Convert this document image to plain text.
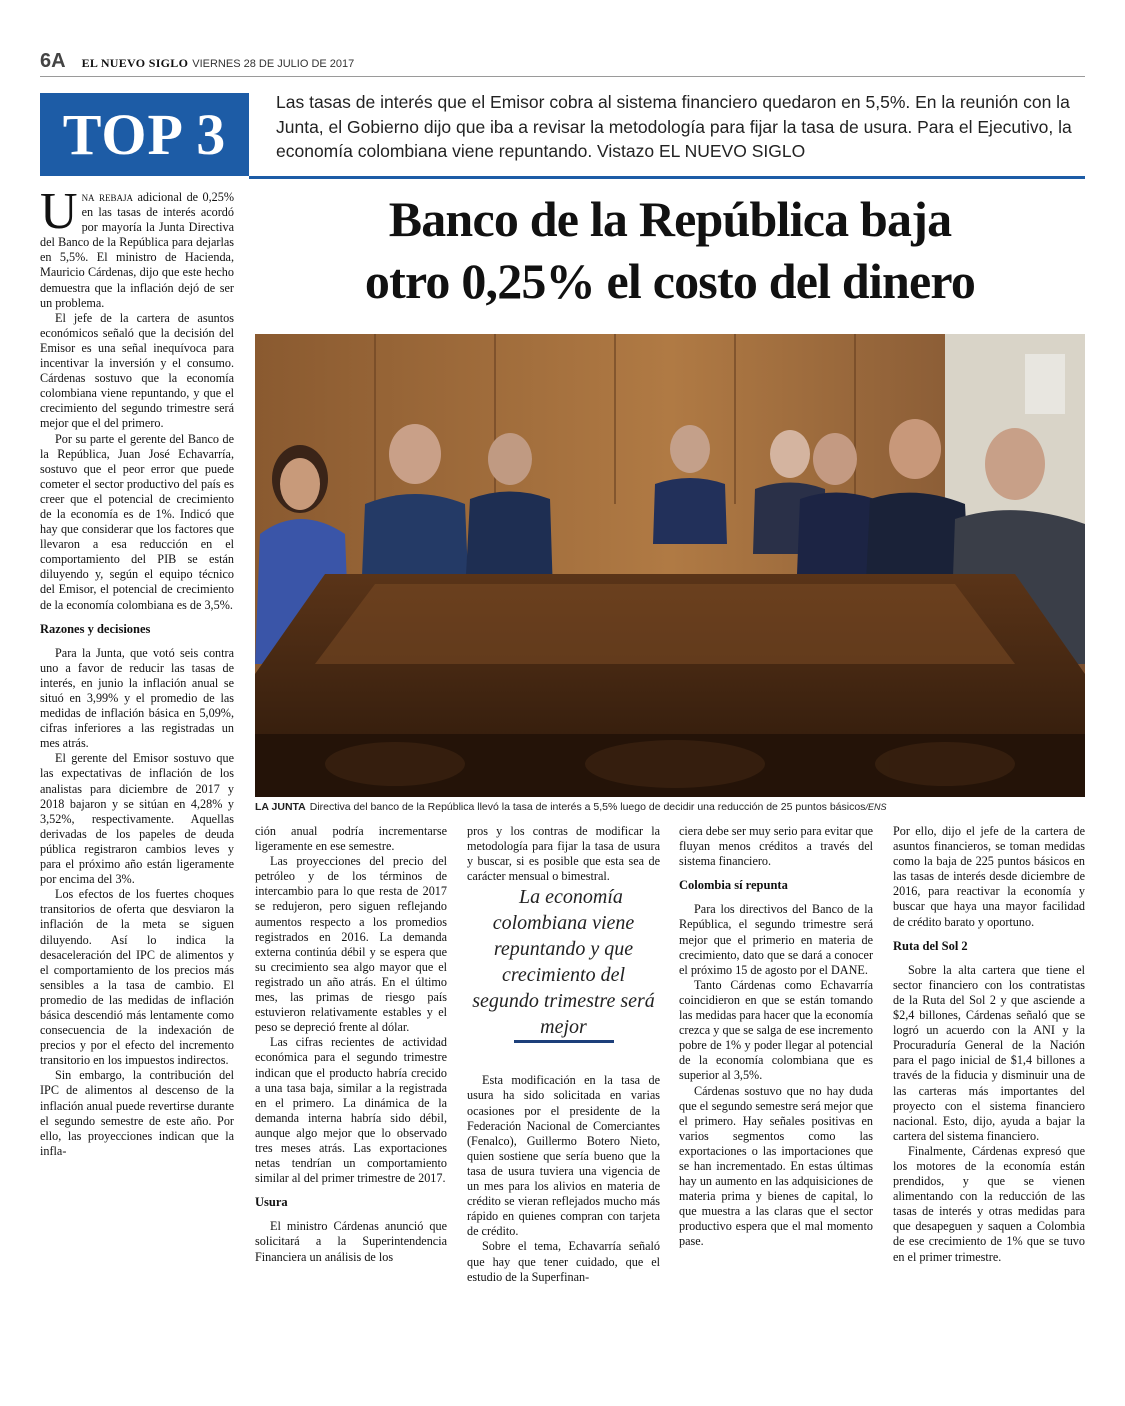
6A EL NUEVO SIGLO VIERNES 28 DE JULIO DE 2017
TOP 3	Las tasas de interés que el Emisor cobra al sistema financiero quedaron en 5,5%. En la reunión con la Junta, el Gobierno dijo que iba a revisar la metodología para fijar la tasa de usura. Para el Ejecutivo, la economía colombiana viene repuntando. Vistazo EL NUEVO SIGLO
Banco de la República baja
otro 0,25% el costo del dinero
LA JUNTA Directiva del banco de la República llevó la tasa de interés a 5,5% luego de decidir una reducción de 25 puntos básicos/ENS

Una rebaja adicional de 0,25% en las tasas de interés acordó por mayoría la Junta Directiva del Banco de la República para dejarlas en 5,5%. El ministro de Hacienda, Mauricio Cárdenas, dijo que este hecho demuestra que la inflación dejó de ser un problema.

El jefe de la cartera de asuntos económicos señaló que la decisión del Emisor es una señal inequívoca para incentivar la inversión y el consumo. Cárdenas sostuvo que la economía colombiana viene repuntando, y que el crecimiento del segundo trimestre será mejor que el del primero.

Por su parte el gerente del Banco de la República, Juan José Echavarría, sostuvo que el peor error que puede cometer el sector productivo del país es creer que el potencial de crecimiento de la economía es de 1%. Indicó que hay que considerar que los factores que llevaron a esa reducción en el comportamiento del PIB se están diluyendo y, según el equipo técnico del Emisor, el potencial de crecimiento de la economía colombiana es de 3,5%.

Razones y decisiones

Para la Junta, que votó seis contra uno a favor de reducir las tasas de interés, en junio la inflación anual se situó en 3,99% y el promedio de las medidas de inflación básica en 5,09%, cifras inferiores a las registradas un mes atrás.

El gerente del Emisor sostuvo que las expectativas de inflación de los analistas para diciembre de 2017 y 2018 bajaron y se sitúan en 4,28% y 3,52%, respectivamente. Aquellas derivadas de los papeles de deuda pública registraron cambios leves y para el próximo año están ligeramente por encima del 3%.

Los efectos de los fuertes choques transitorios de oferta que desviaron la inflación de la meta se siguen diluyendo. Así lo indica la desaceleración del IPC de alimentos y el comportamiento de los precios más sensibles a la tasa de cambio. El promedio de las medidas de inflación básica descendió más lentamente como consecuencia de la indexación de precios y por el efecto del incremento transitorio en los impuestos indirectos.

Sin embargo, la contribución del IPC de alimentos al descenso de la inflación anual puede revertirse durante el segundo semestre de este año. Por ello, las proyecciones indican que la infla-

ción anual podría incrementarse ligeramente en ese semestre.

Las proyecciones del precio del petróleo y de los términos de intercambio para lo que resta de 2017 se redujeron, pero siguen reflejando aumentos respecto a los promedios registrados en 2016. La demanda externa continúa débil y se espera que su crecimiento sea algo mayor que el registrado un año atrás. En el último mes, las primas de riesgo país estuvieron relativamente estables y el peso se depreció frente al dólar.

Las cifras recientes de actividad económica para el segundo trimestre indican que el producto habría crecido a una tasa baja, similar a la registrada en el primero. La dinámica de la demanda interna habría sido débil, aunque algo mejor que lo observado tres meses atrás. Las exportaciones netas tendrían un comportamiento similar al del primer trimestre de 2017.

Usura

El ministro Cárdenas anunció que solicitará a la Superintendencia Financiera un análisis de los

pros y los contras de modificar la metodología para fijar la tasa de usura y buscar, si es posible que esta sea de carácter mensual o bimestral.

La economía colombiana viene repuntando y que crecimiento del segundo trimestre será mejor

Esta modificación en la tasa de usura ha sido solicitada en varias ocasiones por el presidente de la Federación Nacional de Comerciantes (Fenalco), Guillermo Botero Nieto, quien sostiene que sería bueno que la tasa de usura tuviera una vigencia de un mes para los alivios en materia de crédito se vieran reflejados mucho más rápido en quienes compran con tarjeta de crédito.

Sobre el tema, Echavarría señaló que hay que tener cuidado, que el estudio de la Superfinan-

ciera debe ser muy serio para evitar que fluyan menos créditos a través del sistema financiero.

Colombia sí repunta

Para los directivos del Banco de la República, el segundo trimestre será mejor que el primerio en materia de crecimiento, dato que se dará a conocer el próximo 15 de agosto por el DANE.

Tanto Cárdenas como Echavarría coincidieron en que se están tomando las medidas para hacer que la economía crezca y que se salga de ese incremento pobre de 1% y poder llegar al potencial de la economía colombiana que es superior al 3,5%.

Cárdenas sostuvo que no hay duda que el segundo semestre será mejor que el primero. Hay señales positivas en varios segmentos como las exportaciones o las importaciones que se han incrementado. En estas últimas hay un aumento en las adquisiciones de materia prima y bienes de capital, lo que muestra a las claras que el sector productivo espera que el mal momento pase.

Por ello, dijo el jefe de la cartera de asuntos financieros, se toman medidas como la baja de 225 puntos básicos en las tasas de interés desde diciembre de 2016, para reactivar la economía y buscar que haya una mayor facilidad de crédito barato y oportuno.

Ruta del Sol 2

Sobre la alta cartera que tiene el sector financiero con los contratistas de la Ruta del Sol 2 y que asciende a $2,4 billones, Cárdenas señaló que se logró un acuerdo con la ANI y la Procuraduría General de la Nación para el pago inicial de $1,4 billones a través de la fiducia y disminuir una de las carteras más importantes del proyecto con el sistema financiero nacional. Esto, dijo, ayuda a bajar la cartera del sistema financiero.

Finalmente, Cárdenas expresó que los motores de la economía están prendidos, y que se vienen alimentando con la reducción de las tasas de interés y otras medidas para que desapeguen y saquen a Colombia de ese crecimiento de 1% que se tuvo en el primer trimestre.
